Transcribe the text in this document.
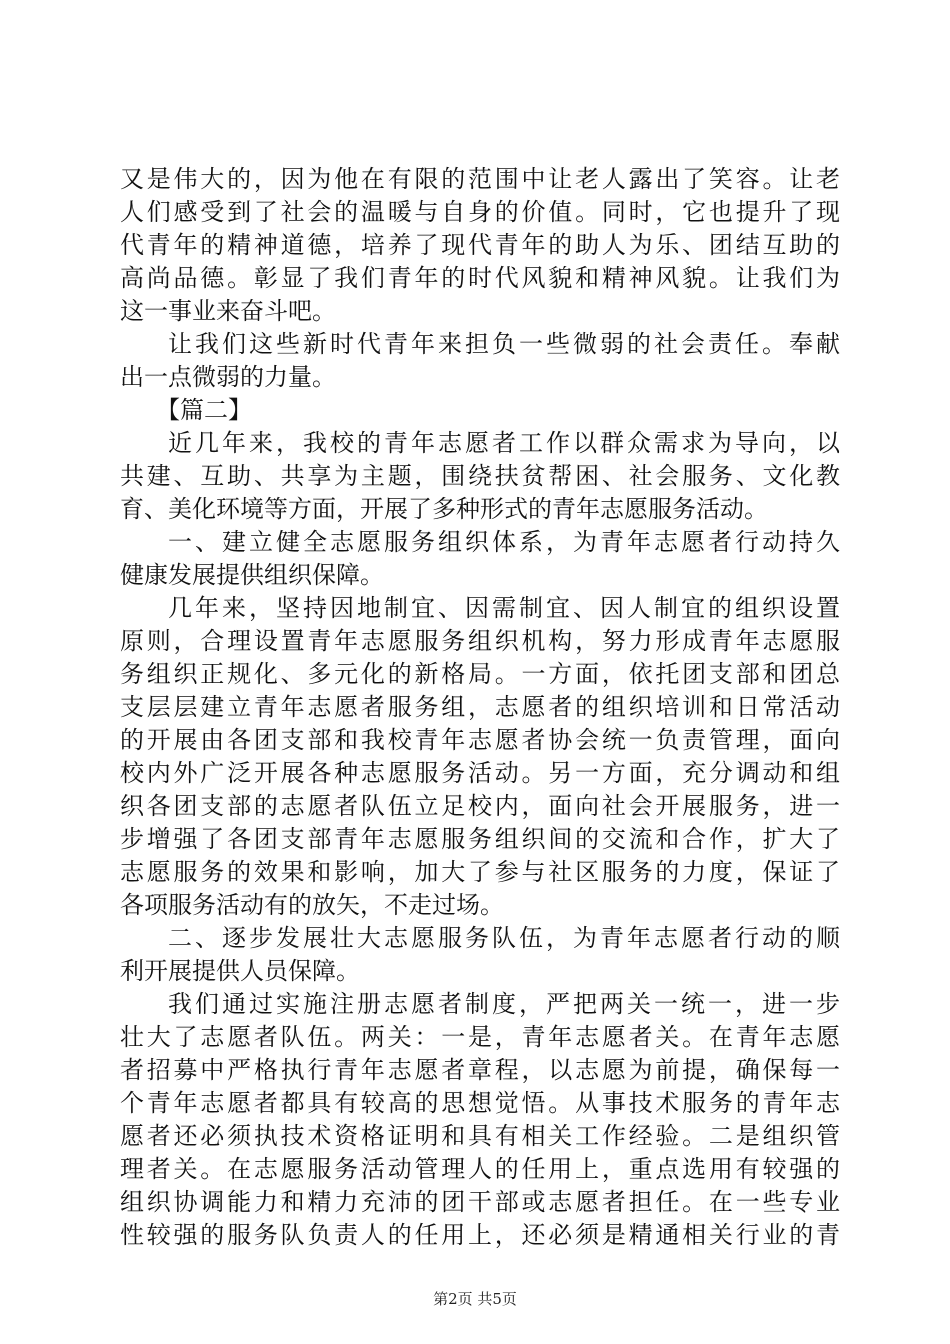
又是伟大的，因为他在有限的范围中让老人露出了笑容。让老
人们感受到了社会的温暖与自身的价值。同时，它也提升了现
代青年的精神道德，培养了现代青年的助人为乐、团结互助的
高尚品德。彰显了我们青年的时代风貌和精神风貌。让我们为
这一事业来奋斗吧。
让我们这些新时代青年来担负一些微弱的社会责任。奉献
出一点微弱的力量。
【篇二】
近几年来，我校的青年志愿者工作以群众需求为导向，以
共建、互助、共享为主题，围绕扶贫帮困、社会服务、文化教
育、美化环境等方面，开展了多种形式的青年志愿服务活动。
一、建立健全志愿服务组织体系，为青年志愿者行动持久
健康发展提供组织保障。
几年来，坚持因地制宜、因需制宜、因人制宜的组织设置
原则，合理设置青年志愿服务组织机构，努力形成青年志愿服
务组织正规化、多元化的新格局。一方面，依托团支部和团总
支层层建立青年志愿者服务组，志愿者的组织培训和日常活动
的开展由各团支部和我校青年志愿者协会统一负责管理，面向
校内外广泛开展各种志愿服务活动。另一方面，充分调动和组
织各团支部的志愿者队伍立足校内，面向社会开展服务，进一
步增强了各团支部青年志愿服务组织间的交流和合作，扩大了
志愿服务的效果和影响，加大了参与社区服务的力度，保证了
各项服务活动有的放矢，不走过场。
二、逐步发展壮大志愿服务队伍，为青年志愿者行动的顺
利开展提供人员保障。
我们通过实施注册志愿者制度，严把两关一统一，进一步
壮大了志愿者队伍。两关：一是，青年志愿者关。在青年志愿
者招募中严格执行青年志愿者章程，以志愿为前提，确保每一
个青年志愿者都具有较高的思想觉悟。从事技术服务的青年志
愿者还必须执技术资格证明和具有相关工作经验。二是组织管
理者关。在志愿服务活动管理人的任用上，重点选用有较强的
组织协调能力和精力充沛的团干部或志愿者担任。在一些专业
性较强的服务队负责人的任用上，还必须是精通相关行业的青
第2页 共5页
